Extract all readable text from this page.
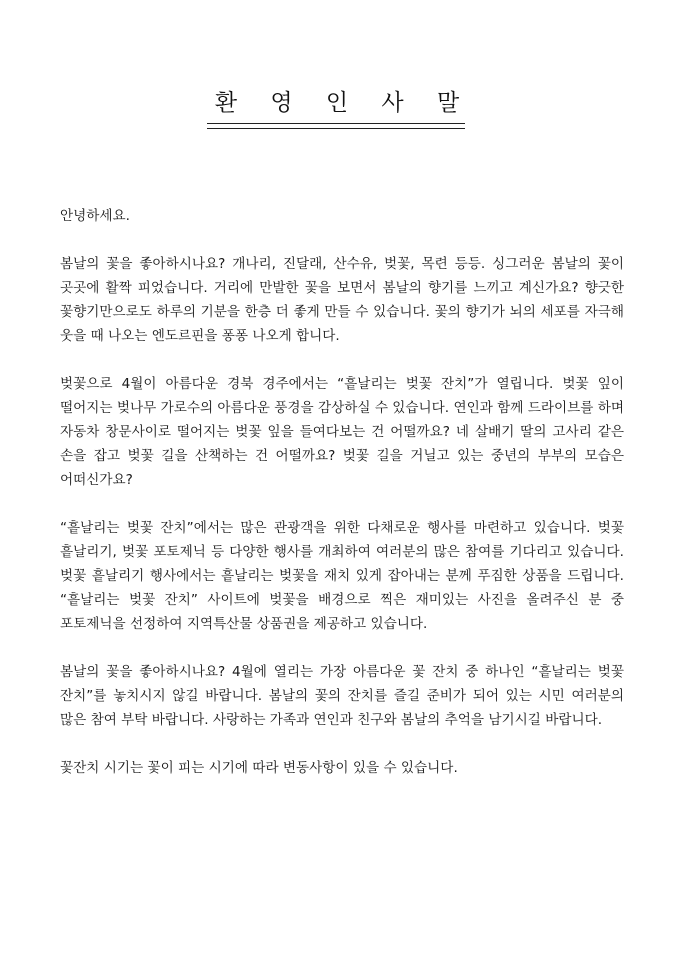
환 영 인 사 말

안녕하세요.

봄날의 꽃을 좋아하시나요? 개나리, 진달래, 산수유, 벚꽃, 목련 등등. 싱그러운 봄날의 꽃이 곳곳에 활짝 피었습니다. 거리에 만발한 꽃을 보면서 봄날의 향기를 느끼고 계신가요? 향긋한 꽃향기만으로도 하루의 기분을 한층 더 좋게 만들 수 있습니다. 꽃의 향기가 뇌의 세포를 자극해 웃을 때 나오는 엔도르핀을 퐁퐁 나오게 합니다.

벚꽃으로 4월이 아름다운 경북 경주에서는 “흩날리는 벚꽃 잔치”가 열립니다. 벚꽃 잎이 떨어지는 벚나무 가로수의 아름다운 풍경을 감상하실 수 있습니다. 연인과 함께 드라이브를 하며 자동차 창문사이로 떨어지는 벚꽃 잎을 들여다보는 건 어떨까요? 네 살배기 딸의 고사리 같은 손을 잡고 벚꽃 길을 산책하는 건 어떨까요? 벚꽃 길을 거닐고 있는 중년의 부부의 모습은 어떠신가요?

“흩날리는 벚꽃 잔치”에서는 많은 관광객을 위한 다채로운 행사를 마련하고 있습니다. 벚꽃 흩날리기, 벚꽃 포토제닉 등 다양한 행사를 개최하여 여러분의 많은 참여를 기다리고 있습니다. 벚꽃 흩날리기 행사에서는 흩날리는 벚꽃을 재치 있게 잡아내는 분께 푸짐한 상품을 드립니다. “흩날리는 벚꽃 잔치” 사이트에 벚꽃을 배경으로 찍은 재미있는 사진을 올려주신 분 중 포토제닉을 선정하여 지역특산물 상품권을 제공하고 있습니다.

봄날의 꽃을 좋아하시나요? 4월에 열리는 가장 아름다운 꽃 잔치 중 하나인 “흩날리는 벚꽃 잔치”를 놓치시지 않길 바랍니다. 봄날의 꽃의 잔치를 즐길 준비가 되어 있는 시민 여러분의 많은 참여 부탁 바랍니다. 사랑하는 가족과 연인과 친구와 봄날의 추억을 남기시길 바랍니다.

꽃잔치 시기는 꽃이 피는 시기에 따라 변동사항이 있을 수 있습니다.
